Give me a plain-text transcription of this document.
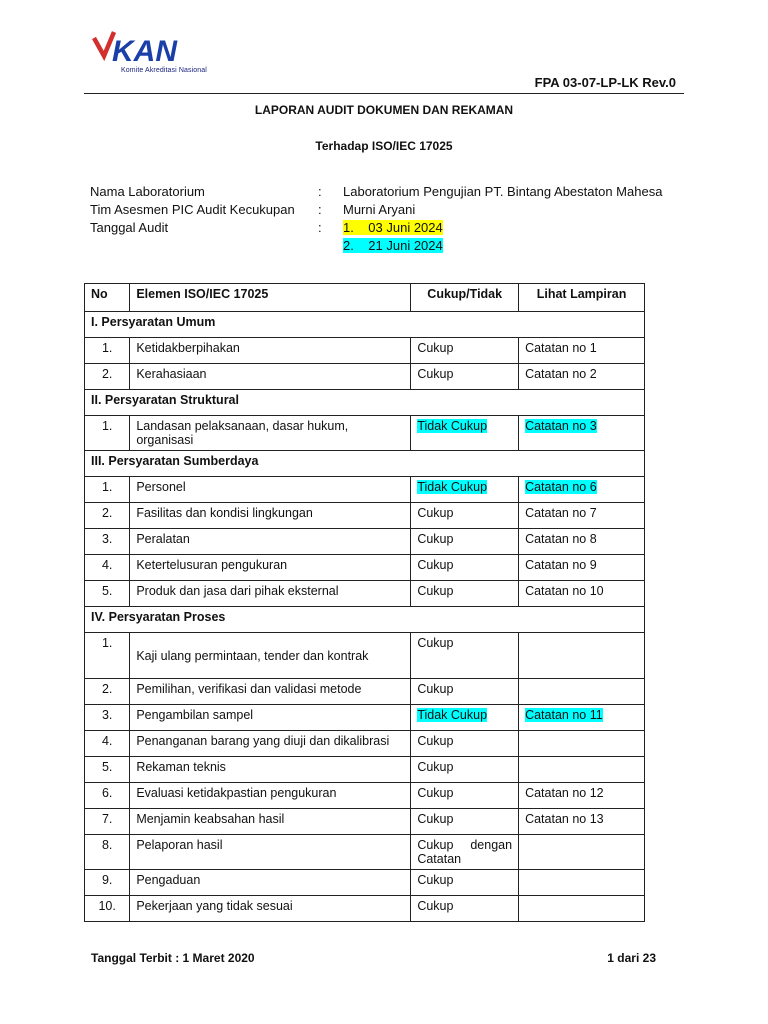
KAN
Komite Akreditasi Nasional
FPA 03-07-LP-LK Rev.0
LAPORAN AUDIT DOKUMEN DAN REKAMAN
Terhadap ISO/IEC 17025
Nama Laboratorium	: Laboratorium Pengujian PT. Bintang Abestaton Mahesa
Tim Asesmen PIC Audit Kecukupan : Murni Aryani
Tanggal Audit	: 1.    03 Juni 2024
2.    21 Juni 2024
No	Elemen ISO/IEC 17025	Cukup/Tidak	Lihat Lampiran
I. Persyaratan Umum			
1.	Ketidakberpihakan	Cukup	Catatan no 1
2.	Kerahasiaan	Cukup	Catatan no 2
II. Persyaratan Struktural			
1.	Landasan pelaksanaan, dasar hukum, organisasi	Tidak Cukup	Catatan no 3
III. Persyaratan Sumberdaya			
1.	Personel	Tidak Cukup	Catatan no 6
2.	Fasilitas dan kondisi lingkungan	Cukup	Catatan no 7
3.	Peralatan	Cukup	Catatan no 8
4.	Ketertelusuran pengukuran	Cukup	Catatan no 9
5.	Produk dan jasa dari pihak eksternal	Cukup	Catatan no 10
IV. Persyaratan Proses			
1.	Kaji ulang permintaan, tender dan kontrak	Cukup	
2.	Pemilihan, verifikasi dan validasi metode	Cukup	
3.	Pengambilan sampel	Tidak Cukup	Catatan no 11
4.	Penanganan barang yang diuji dan dikalibrasi	Cukup	
5.	Rekaman teknis	Cukup	
6.	Evaluasi ketidakpastian pengukuran	Cukup	Catatan no 12
7.	Menjamin keabsahan hasil	Cukup	Catatan no 13
8.	Pelaporan hasil	Cukup dengan Catatan	

9.	Pengaduan	Cukup	
10.	Pekerjaan yang tidak sesuai	Cukup	
Tanggal Terbit : 1 Maret 2020	1 dari 23
